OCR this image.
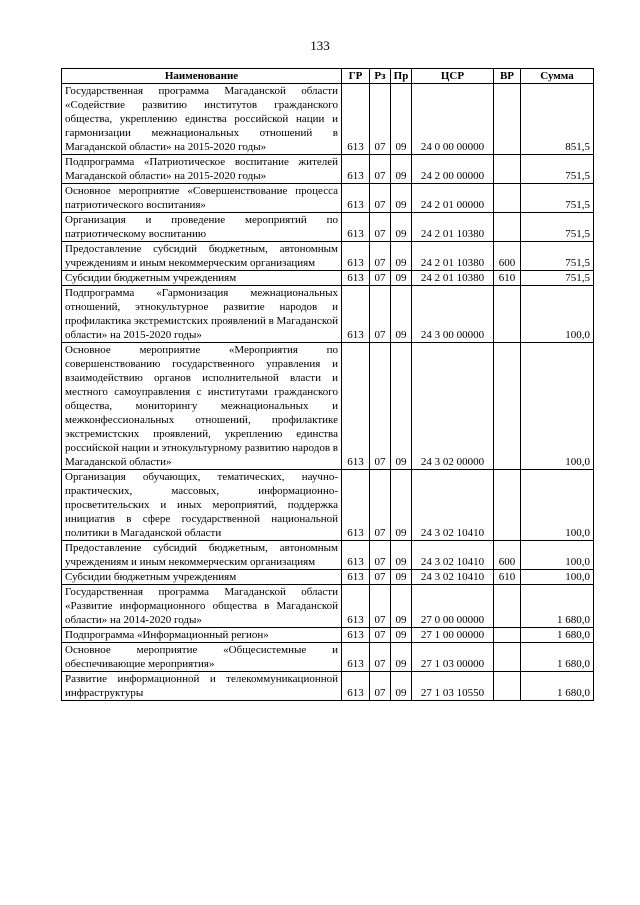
133
Наименование	ГР	Рз	Пр	ЦСР	ВР	Сумма
Государственная программа Магаданской области «Содействие развитию институтов гражданского общества, укреплению единства российской нации и гармонизации межнациональных отношений в Магаданской области» на 2015-2020 годы»	613	07	09	24 0 00 00000		851,5
Подпрограмма «Патриотическое воспитание жителей Магаданской области» на 2015-2020 годы»	613	07	09	24 2 00 00000		751,5
Основное мероприятие «Совершенствование процесса патриотического воспитания»	613	07	09	24 2 01 00000		751,5
Организация и проведение мероприятий по патриотическому воспитанию	613	07	09	24 2 01 10380		751,5
Предоставление субсидий бюджетным, автономным учреждениям и иным некоммерческим организациям	613	07	09	24 2 01 10380	600	751,5
Субсидии бюджетным учреждениям	613	07	09	24 2 01 10380	610	751,5
Подпрограмма «Гармонизация межнациональных отношений, этнокультурное развитие народов и профилактика экстремистских проявлений в Магаданской области» на 2015-2020 годы»	613	07	09	24 3 00 00000		100,0
Основное мероприятие «Мероприятия по совершенствованию государственного управления и взаимодействию органов исполнительной власти и местного самоуправления с институтами гражданского общества, мониторингу межнациональных и межконфессиональных отношений, профилактике экстремистских проявлений, укреплению единства российской нации и этнокультурному развитию народов в Магаданской области»	613	07	09	24 3 02 00000		100,0
Организация обучающих, тематических, научно-практических, массовых, информационно-просветительских и иных мероприятий, поддержка инициатив в сфере государственной национальной политики в Магаданской области	613	07	09	24 3 02 10410		100,0
Предоставление субсидий бюджетным, автономным учреждениям и иным некоммерческим организациям	613	07	09	24 3 02 10410	600	100,0
Субсидии бюджетным учреждениям	613	07	09	24 3 02 10410	610	100,0
Государственная программа Магаданской области «Развитие информационного общества в Магаданской области» на 2014-2020 годы»	613	07	09	27 0 00 00000		1 680,0
Подпрограмма «Информационный регион»	613	07	09	27 1 00 00000		1 680,0
Основное мероприятие «Общесистемные и обеспечивающие мероприятия»	613	07	09	27 1 03 00000		1 680,0
Развитие информационной и телекоммуникационной инфраструктуры	613	07	09	27 1 03 10550		1 680,0
